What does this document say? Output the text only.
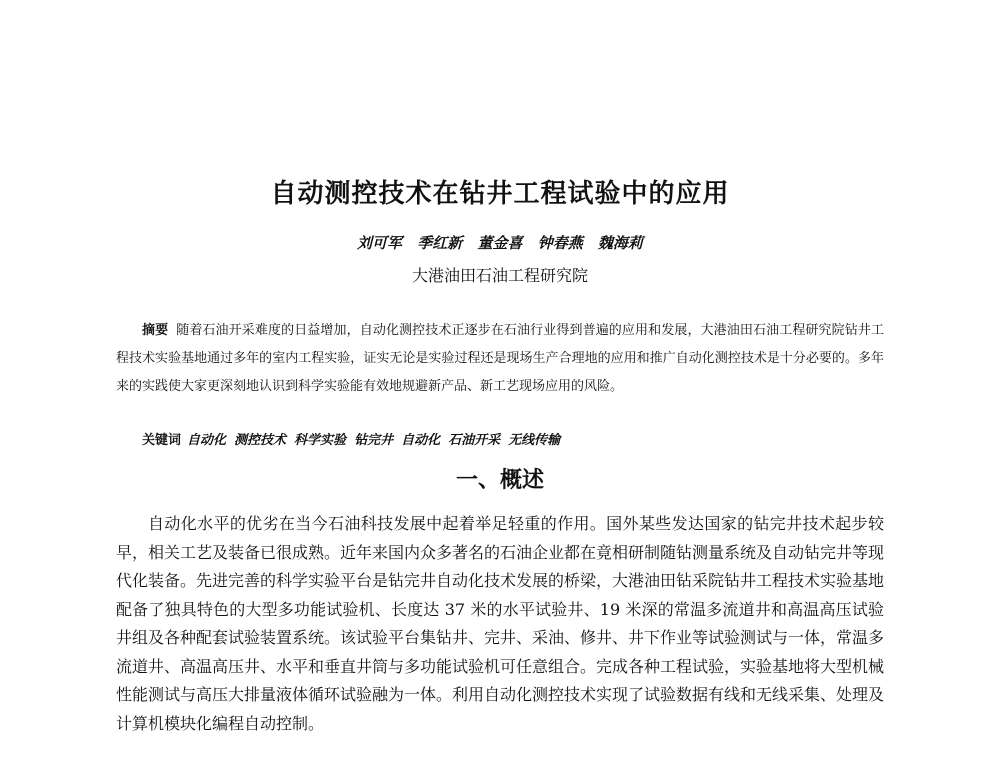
自动测控技术在钻井工程试验中的应用
刘可军 季红新 董金喜 钟春燕 魏海莉
大港油田石油工程研究院

摘要 随着石油开采难度的日益增加，自动化测控技术正逐步在石油行业得到普遍的应用和发展，大港油田石油工程研究院钻井工程技术实验基地通过多年的室内工程实验，证实无论是实验过程还是现场生产合理地的应用和推广自动化测控技术是十分必要的。多年来的实践使大家更深刻地认识到科学实验能有效地规避新产品、新工艺现场应用的风险。

关键词 自动化 测控技术 科学实验 钻完井 自动化 石油开采 无线传输

一、概述

自动化水平的优劣在当今石油科技发展中起着举足轻重的作用。国外某些发达国家的钻完井技术起步较早，相关工艺及装备已很成熟。近年来国内众多著名的石油企业都在竟相研制随钻测量系统及自动钻完井等现代化装备。先进完善的科学实验平台是钻完井自动化技术发展的桥梁，大港油田钻采院钻井工程技术实验基地配备了独具特色的大型多功能试验机、长度达 37 米的水平试验井、19 米深的常温多流道井和高温高压试验井组及各种配套试验装置系统。该试验平台集钻井、完井、采油、修井、井下作业等试验测试与一体，常温多流道井、高温高压井、水平和垂直井筒与多功能试验机可任意组合。完成各种工程试验，实验基地将大型机械性能测试与高压大排量液体循环试验融为一体。利用自动化测控技术实现了试验数据有线和无线采集、处理及计算机模块化编程自动控制。
